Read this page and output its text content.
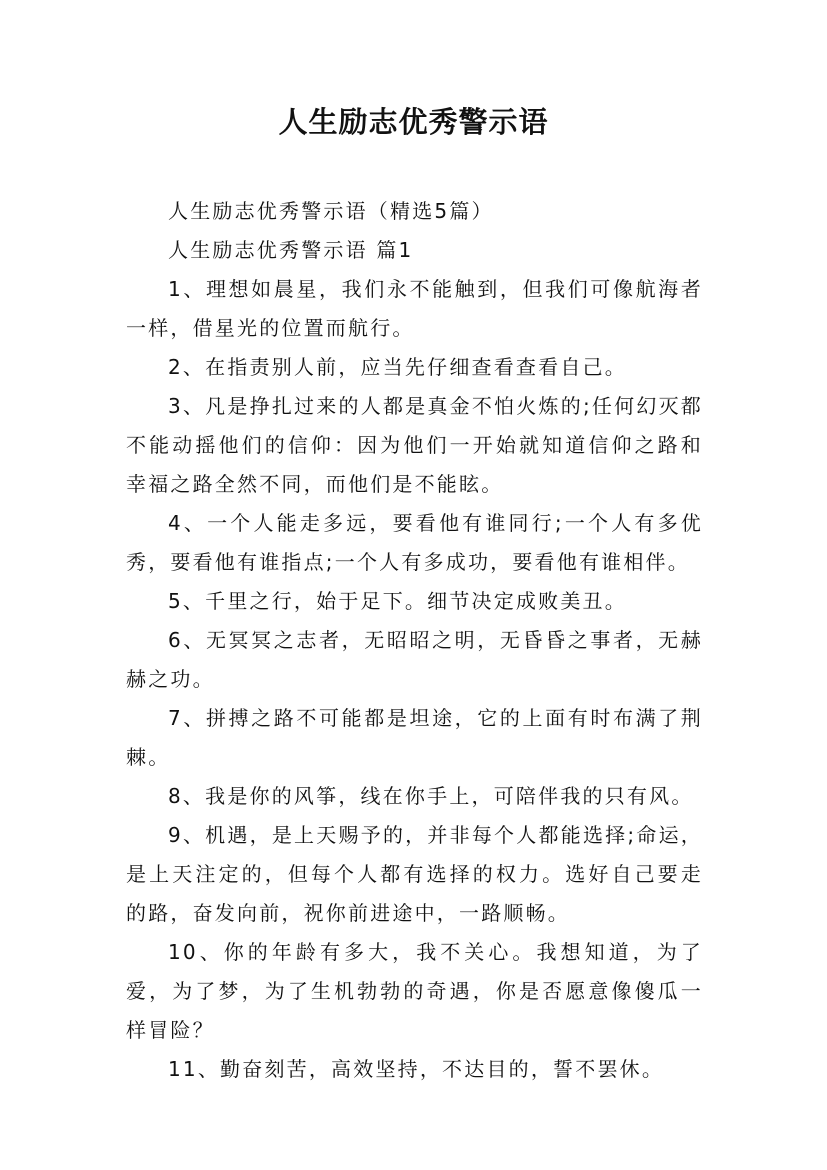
人生励志优秀警示语

人生励志优秀警示语（精选5篇）

人生励志优秀警示语 篇1

1、理想如晨星，我们永不能触到，但我们可像航海者一样，借星光的位置而航行。

2、在指责别人前，应当先仔细查看查看自己。

3、凡是挣扎过来的人都是真金不怕火炼的;任何幻灭都不能动摇他们的信仰：因为他们一开始就知道信仰之路和幸福之路全然不同，而他们是不能眩。

4、一个人能走多远，要看他有谁同行;一个人有多优秀，要看他有谁指点;一个人有多成功，要看他有谁相伴。

5、千里之行，始于足下。细节决定成败美丑。

6、无冥冥之志者，无昭昭之明，无昏昏之事者，无赫赫之功。

7、拼搏之路不可能都是坦途，它的上面有时布满了荆棘。

8、我是你的风筝，线在你手上，可陪伴我的只有风。

9、机遇，是上天赐予的，并非每个人都能选择;命运，是上天注定的，但每个人都有选择的权力。选好自己要走的路，奋发向前，祝你前进途中，一路顺畅。

10、你的年龄有多大，我不关心。我想知道，为了爱，为了梦，为了生机勃勃的奇遇，你是否愿意像傻瓜一样冒险？

11、勤奋刻苦，高效坚持，不达目的，誓不罢休。
